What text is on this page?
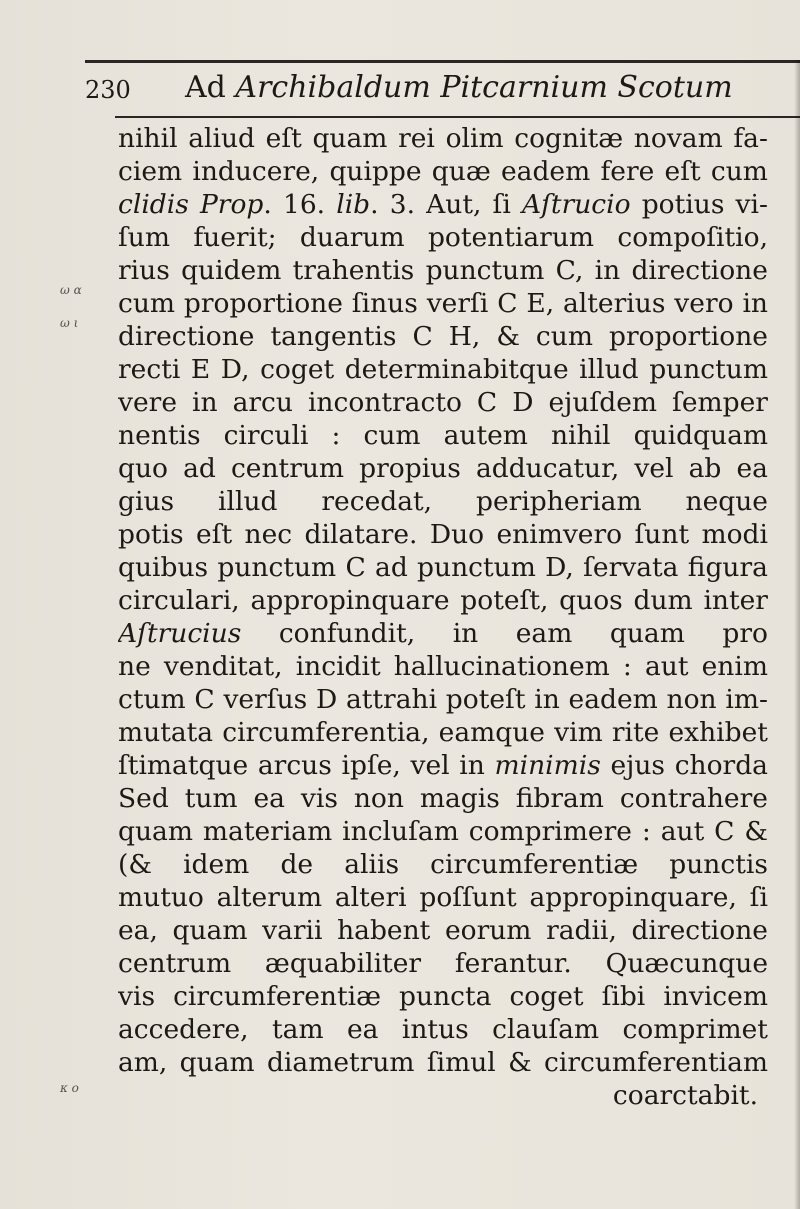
230 Ad Archibaldum Pitcarnium Scotum
ω α
ω ι
κ ο
nihil aliud eſt quam rei olim cognitæ novam fa-
ciem inducere, quippe quæ eadem fere eſt cum
clidis Prop. 16. lib. 3. Aut, ſi Aſtrucio potius vi-
ſum fuerit; duarum potentiarum compoſitio,
rius quidem trahentis punctum C, in directione
cum proportione ſinus verſi C E, alterius vero in
directione tangentis C H, & cum proportione
recti E D, coget determinabitque illud punctum
vere in arcu incontracto C D ejuſdem ſemper
nentis circuli : cum autem nihil quidquam
quo ad centrum propius adducatur, vel ab ea
gius illud recedat, peripheriam neque
potis eſt nec dilatare. Duo enimvero ſunt modi
quibus punctum C ad punctum D, ſervata figura
circulari, appropinquare poteſt, quos dum inter
Aſtrucius confundit, in eam quam pro
ne venditat, incidit hallucinationem : aut enim
ctum C verſus D attrahi poteſt in eadem non im-
mutata circumferentia, eamque vim rite exhibet
ſtimatque arcus ipſe, vel in minimis ejus chorda
Sed tum ea vis non magis fibram contrahere
quam materiam incluſam comprimere : aut C &
(& idem de aliis circumferentiæ punctis
mutuo alterum alteri poſſunt appropinquare, ſi
ea, quam varii habent eorum radii, directione
centrum æquabiliter ferantur. Quæcunque
vis circumferentiæ puncta coget ſibi invicem
accedere, tam ea intus clauſam comprimet
am, quam diametrum ſimul & circumferentiam
coarctabit.
